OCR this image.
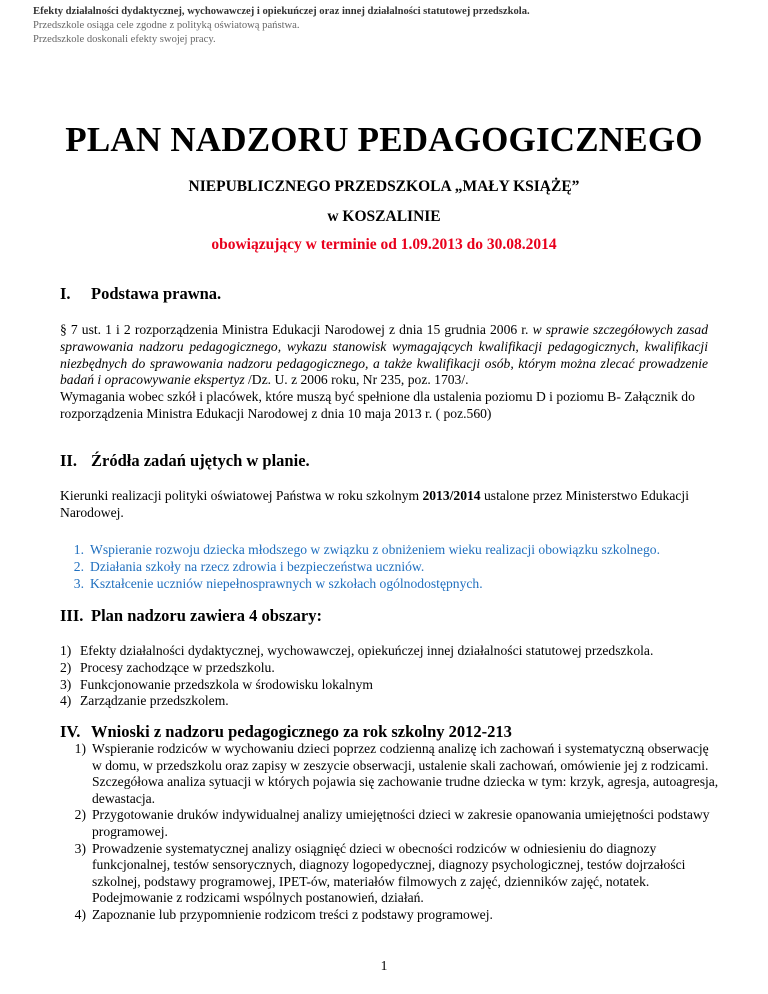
Efekty działalności dydaktycznej, wychowawczej i opiekuńczej oraz innej działalności statutowej przedszkola.
Przedszkole osiąga cele zgodne z polityką oświatową państwa.
Przedszkole doskonali efekty swojej pracy.
PLAN NADZORU PEDAGOGICZNEGO
NIEPUBLICZNEGO PRZEDSZKOLA „MAŁY KSIĄŻĘ”
w KOSZALINIE
obowiązujący w terminie od 1.09.2013 do 30.08.2014
I. Podstawa prawna.
§ 7 ust. 1 i 2 rozporządzenia Ministra Edukacji Narodowej z dnia 15 grudnia 2006 r. w sprawie szczegółowych zasad sprawowania nadzoru pedagogicznego, wykazu stanowisk wymagających kwalifikacji pedagogicznych, kwalifikacji niezbędnych do sprawowania nadzoru pedagogicznego, a także kwalifikacji osób, którym można zlecać prowadzenie badań i opracowywanie ekspertyz /Dz. U. z 2006 roku, Nr 235, poz. 1703/.
Wymagania wobec szkół i placówek, które muszą być spełnione dla ustalenia poziomu D i poziomu B- Załącznik do rozporządzenia Ministra Edukacji Narodowej z dnia 10 maja 2013 r. ( poz.560)
II. Źródła zadań ujętych w planie.
Kierunki realizacji polityki oświatowej Państwa w roku szkolnym 2013/2014 ustalone przez Ministerstwo Edukacji Narodowej.
1. Wspieranie rozwoju dziecka młodszego w związku z obniżeniem wieku realizacji obowiązku szkolnego.
2. Działania szkoły na rzecz zdrowia i bezpieczeństwa uczniów.
3. Kształcenie uczniów niepełnosprawnych w szkołach ogólnodostępnych.
III. Plan nadzoru zawiera 4 obszary:
1) Efekty działalności dydaktycznej, wychowawczej, opiekuńczej innej działalności statutowej przedszkola.
2) Procesy zachodzące w przedszkolu.
3) Funkcjonowanie przedszkola w środowisku lokalnym
4) Zarządzanie przedszkolem.
IV. Wnioski z nadzoru pedagogicznego za rok szkolny 2012-213
1) Wspieranie rodziców w wychowaniu dzieci poprzez codzienną analizę ich zachowań i systematyczną obserwację w domu, w przedszkolu oraz zapisy w zeszycie obserwacji, ustalenie skali zachowań, omówienie jej z rodzicami. Szczegółowa analiza sytuacji w których pojawia się zachowanie trudne dziecka w tym: krzyk, agresja, autoagresja, dewastacja.
2) Przygotowanie druków indywidualnej analizy umiejętności dzieci w zakresie opanowania umiejętności podstawy programowej.
3) Prowadzenie systematycznej analizy osiągnięć dzieci w obecności rodziców w odniesieniu do diagnozy funkcjonalnej, testów sensorycznych, diagnozy logopedycznej, diagnozy psychologicznej, testów dojrzałości szkolnej, podstawy programowej, IPET-ów, materiałów filmowych z zajęć, dzienników zajęć, notatek. Podejmowanie z rodzicami wspólnych postanowień, działań.
4) Zapoznanie lub przypomnienie rodzicom treści z podstawy programowej.
1
